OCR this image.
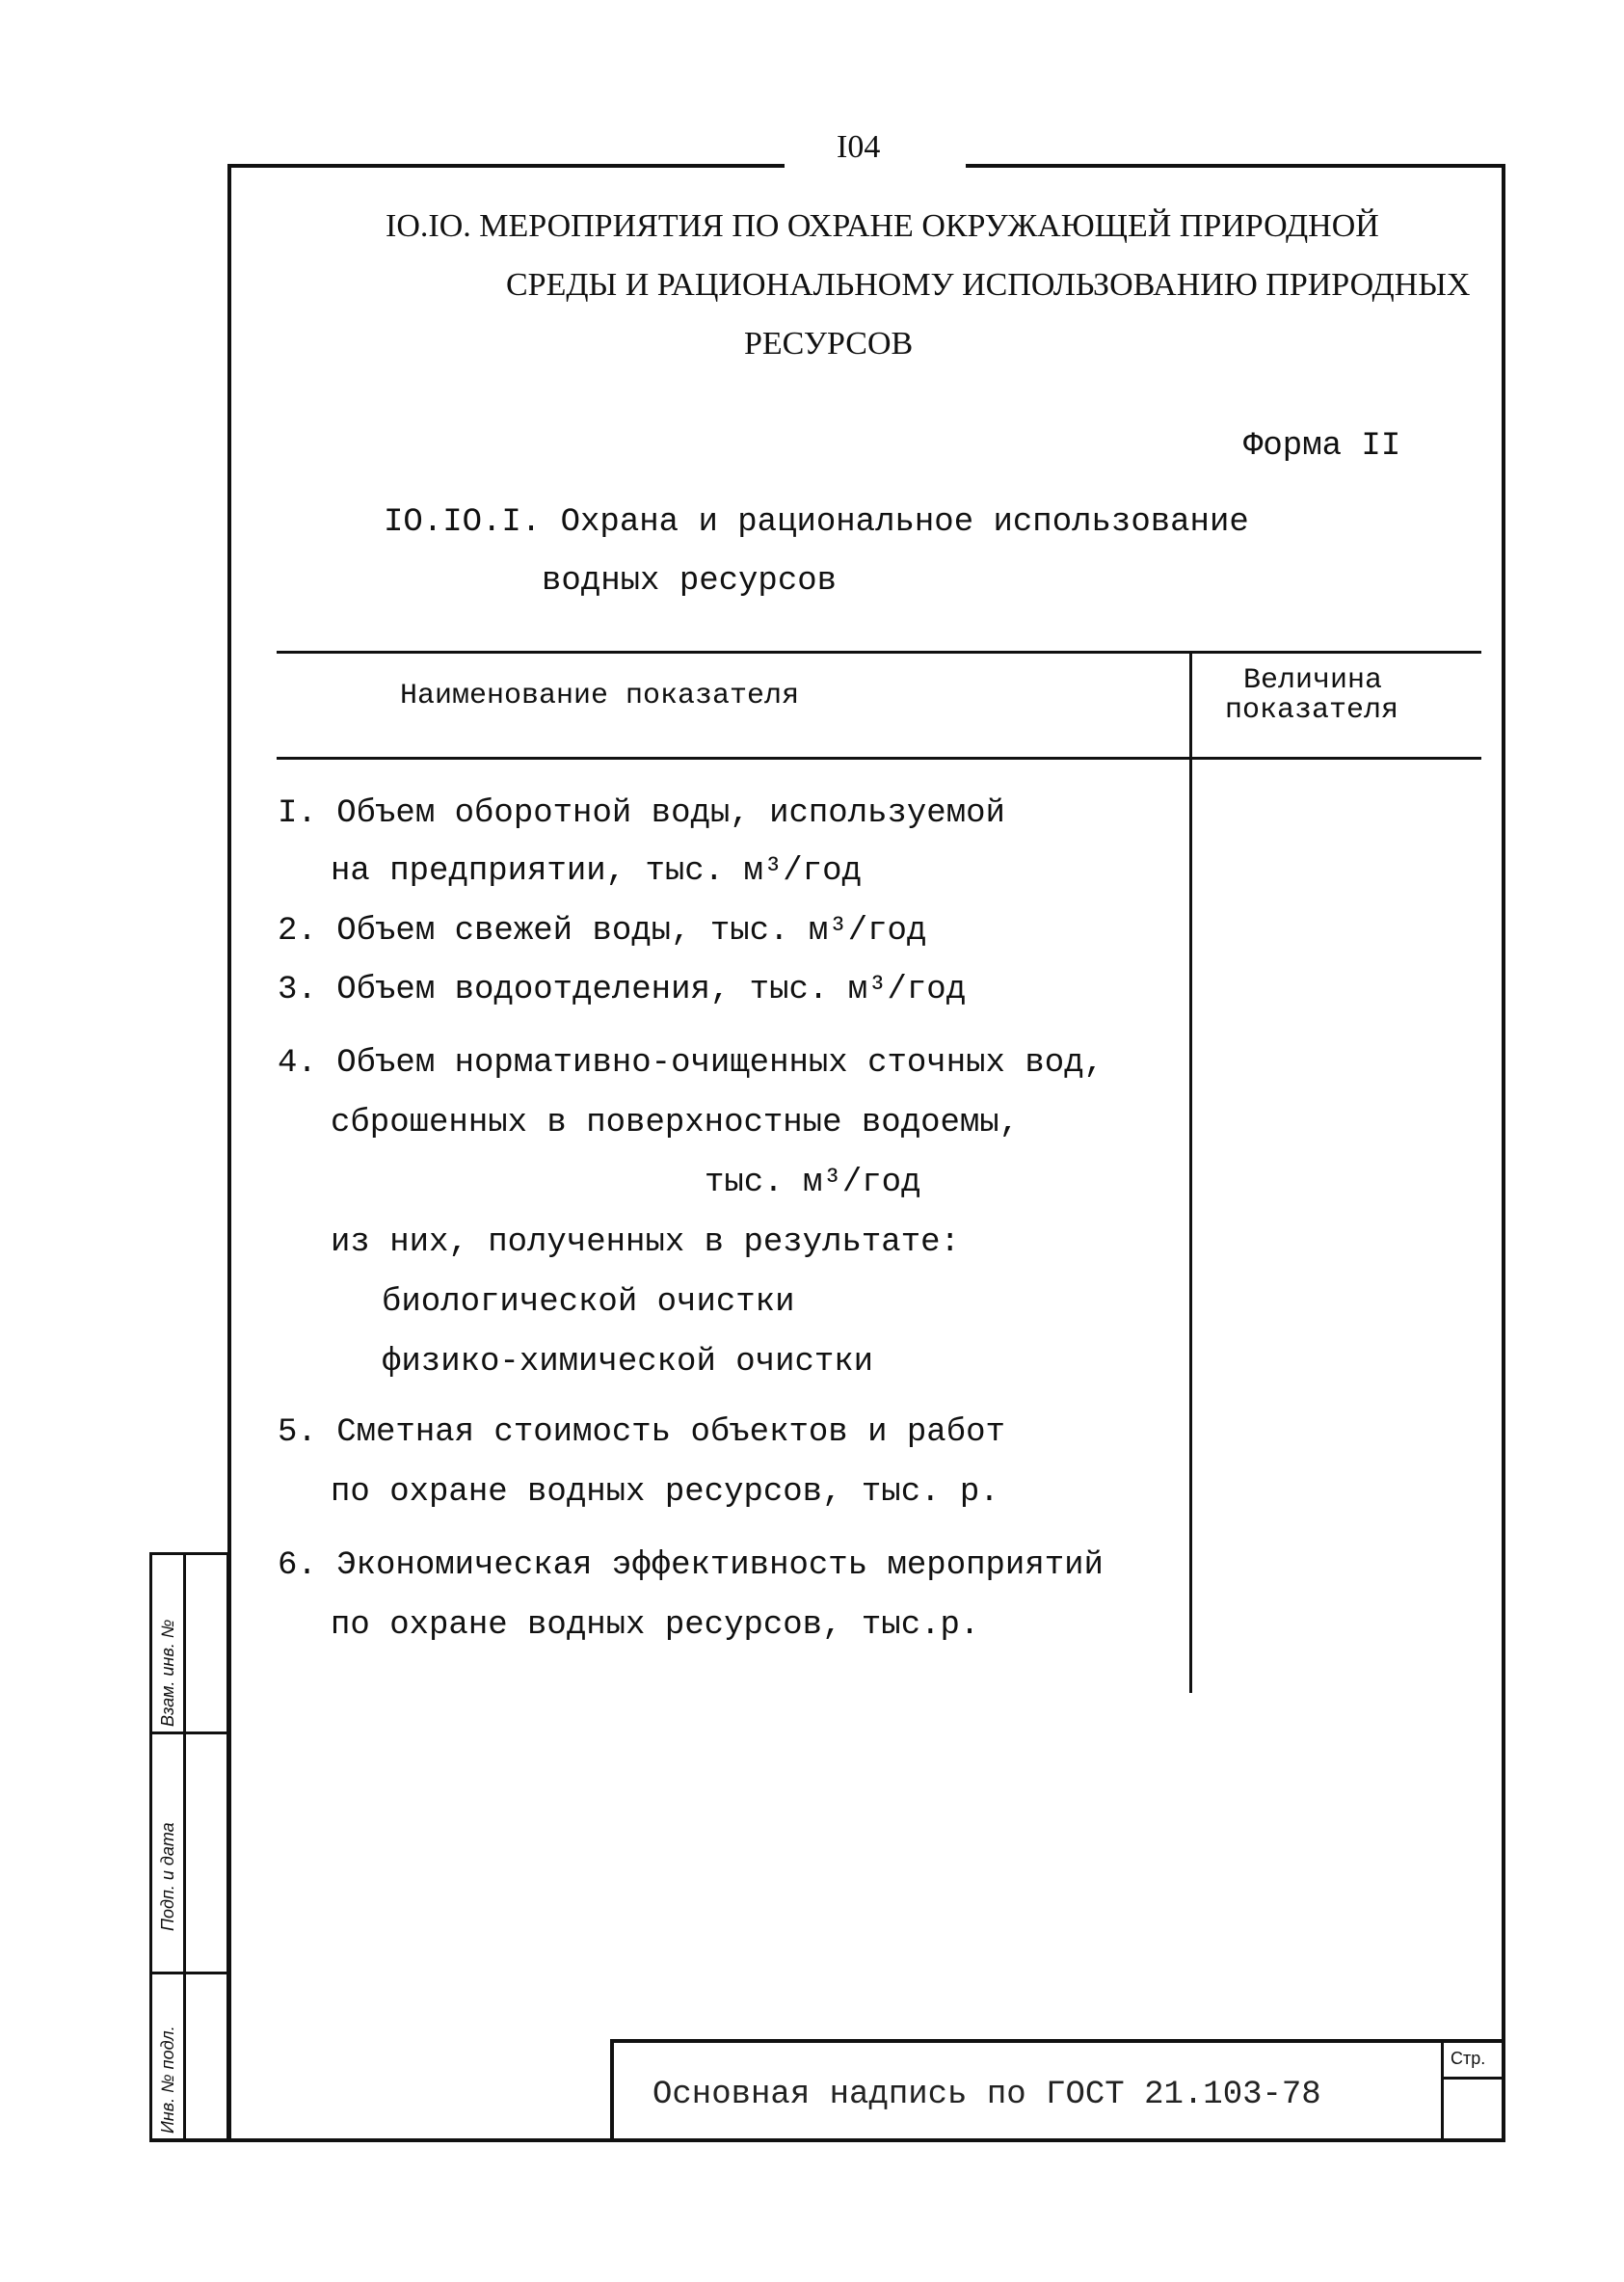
I04
IO.IO. МЕРОПРИЯТИЯ ПО ОХРАНЕ ОКРУЖАЮЩЕЙ ПРИРОДНОЙ
СРЕДЫ И РАЦИОНАЛЬНОМУ ИСПОЛЬЗОВАНИЮ ПРИРОДНЫХ
РЕСУРСОВ
Форма II
IO.IO.I. Охрана и рациональное использование
водных ресурсов
Наименование показателя	Величина
показателя
I. Объем оборотной воды, используемой
на предприятии, тыс. м³/год
2. Объем свежей воды, тыс. м³/год
3. Объем водоотделения, тыс. м³/год
4. Объем нормативно-очищенных сточных вод,
сброшенных в поверхностные водоемы,
тыс. м³/год
из них, полученных в результате:
биологической очистки
физико-химической очистки
5. Сметная стоимость объектов и работ
по охране водных ресурсов, тыс. р.
6. Экономическая эффективность мероприятий
по охране водных ресурсов, тыс.р.
Взам. инв. №
Подп. и дата
Инв. № подл.	Основная надпись по ГОСТ 21.103-78
Стр.
